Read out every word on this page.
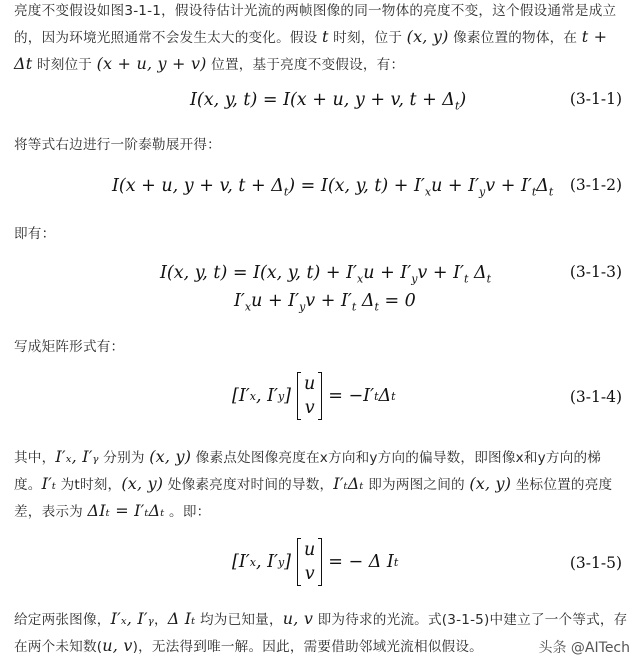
亮度不变假设如图3-1-1，假设待估计光流的两帧图像的同一物体的亮度不变，这个假设通常是成立的，因为环境光照通常不会发生太大的变化。假设 t 时刻，位于 (x, y) 像素位置的物体，在 t + Δt 时刻位于 (x + u, y + v) 位置，基于亮度不变假设，有：
I(x, y, t) = I(x + u, y + v, $t + \Delta_t$)	(3-1-1)
将等式右边进行一阶泰勒展开得：
I(x + u, y + v, $t + \Delta_t) = I(x$, y, $t) + I'_xu + I'_yv + I'_t\Delta_t$ (3-1-2)
即有：
I(x, y, t) = I(x, y, $t) + I'_xu + I'_yv + I'_t$ $\Delta_t$	(3-1-3)
$I'_xu + I'_yv + I'_t$ $\Delta_t = 0$
写成矩阵形式有：
[I′ x , I′ y ]
u
v
= −I′ t Δ t	(3-1-4)
其中，I′ₓ, I′ᵧ 分别为 (x, y) 像素点处图像亮度在x方向和y方向的偏导数，即图像x和y方向的梯度。I′ₜ 为t时刻，(x, y) 处像素亮度对时间的导数，I′ₜΔₜ 即为两图之间的 (x, y) 坐标位置的亮度差，表示为 ΔIₜ = I′ₜΔₜ 。即：
[I′ x , I′ y ]
u
v
= − Δ I t	(3-1-5)
给定两张图像，I′ₓ, I′ᵧ，Δ Iₜ 均为已知量，u, v 即为待求的光流。式(3-1-5)中建立了一个等式，存在两个未知数(u, v)，无法得到唯一解。因此，需要借助邻域光流相似假设。	头条 @AITech
